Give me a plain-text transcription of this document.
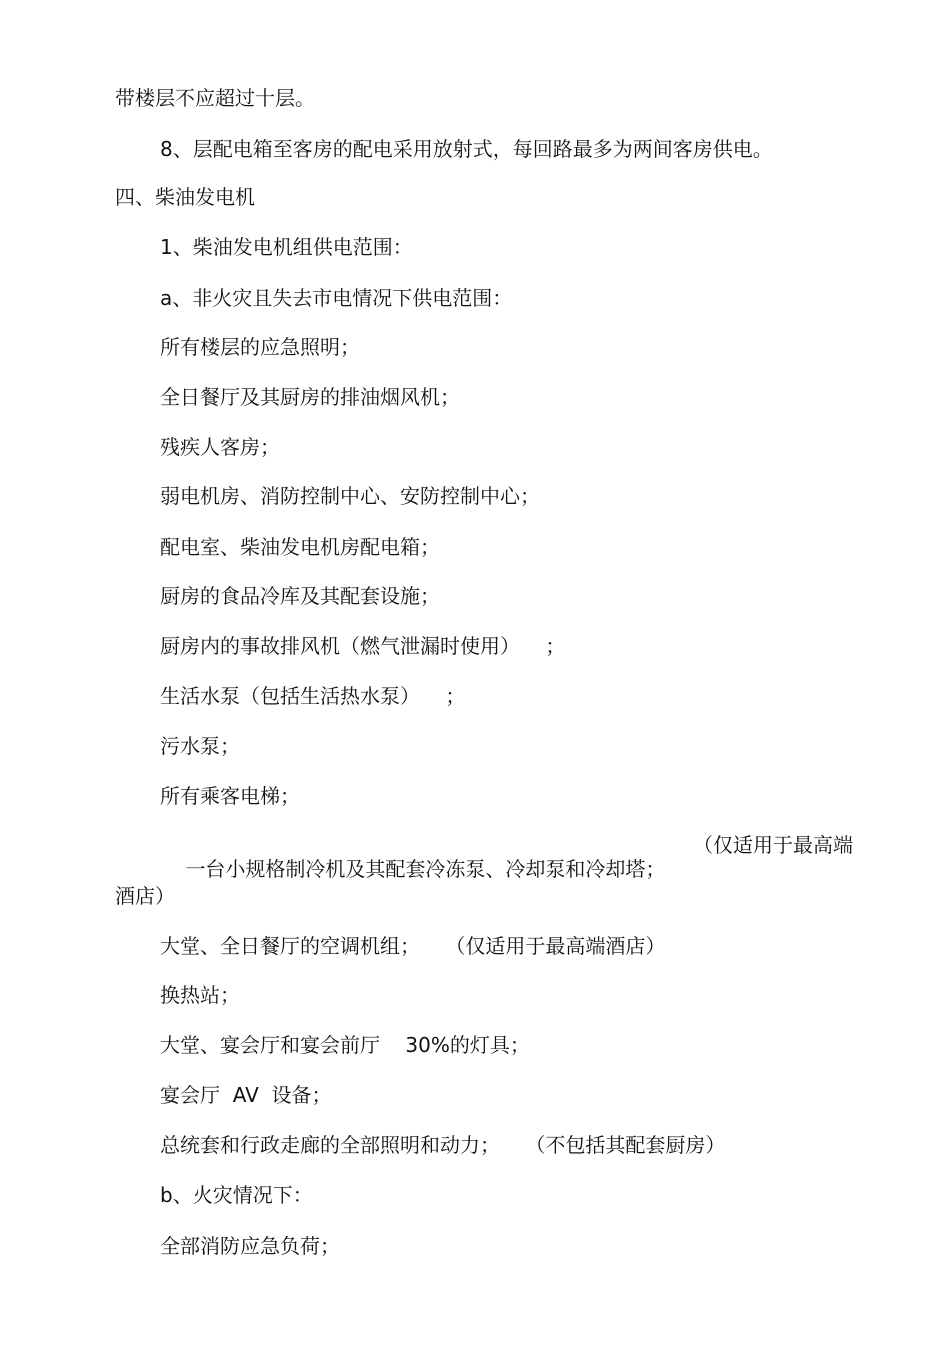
带楼层不应超过十层。
8、层配电箱至客房的配电采用放射式，每回路最多为两间客房供电。
四、柴油发电机
1、柴油发电机组供电范围：
a、非火灾且失去市电情况下供电范围：
所有楼层的应急照明；
全日餐厅及其厨房的排油烟风机；
残疾人客房；
弱电机房、消防控制中心、安防控制中心；
配电室、柴油发电机房配电箱；
厨房的食品冷库及其配套设施；
厨房内的事故排风机（燃气泄漏时使用）    ；
生活水泵（包括生活热水泵）    ；
污水泵；
所有乘客电梯；

一台小规格制冷机及其配套冷冻泵、冷却泵和冷却塔；

（仅适用于最高端

酒店）
大堂、全日餐厅的空调机组；    （仅适用于最高端酒店）
换热站；
大堂、宴会厅和宴会前厅    30%的灯具；
宴会厅  AV  设备；
总统套和行政走廊的全部照明和动力；    （不包括其配套厨房）
b、火灾情况下：
全部消防应急负荷；
